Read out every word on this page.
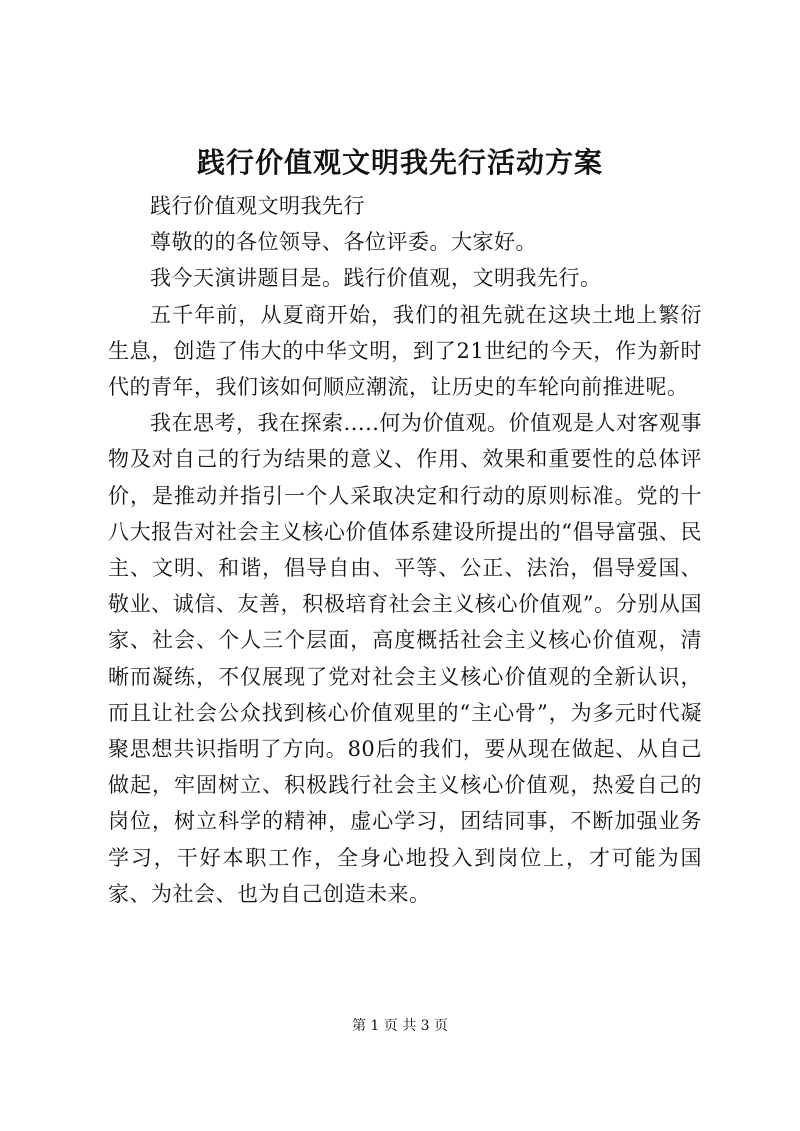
践行价值观文明我先行活动方案

践行价值观文明我先行

尊敬的的各位领导、各位评委。大家好。

我今天演讲题目是。践行价值观，文明我先行。

五千年前，从夏商开始，我们的祖先就在这块土地上繁衍生息，创造了伟大的中华文明，到了21世纪的今天，作为新时代的青年，我们该如何顺应潮流，让历史的车轮向前推进呢。

我在思考，我在探索.....何为价值观。价值观是人对客观事物及对自己的行为结果的意义、作用、效果和重要性的总体评价，是推动并指引一个人采取决定和行动的原则标准。党的十八大报告对社会主义核心价值体系建设所提出的“倡导富强、民主、文明、和谐，倡导自由、平等、公正、法治，倡导爱国、敬业、诚信、友善，积极培育社会主义核心价值观”。分别从国家、社会、个人三个层面，高度概括社会主义核心价值观，清晰而凝练，不仅展现了党对社会主义核心价值观的全新认识，而且让社会公众找到核心价值观里的“主心骨”，为多元时代凝聚思想共识指明了方向。80后的我们，要从现在做起、从自己做起，牢固树立、积极践行社会主义核心价值观，热爱自己的岗位，树立科学的精神，虚心学习，团结同事，不断加强业务学习，干好本职工作，全身心地投入到岗位上，才可能为国家、为社会、也为自己创造未来。

第 1 页 共 3 页
